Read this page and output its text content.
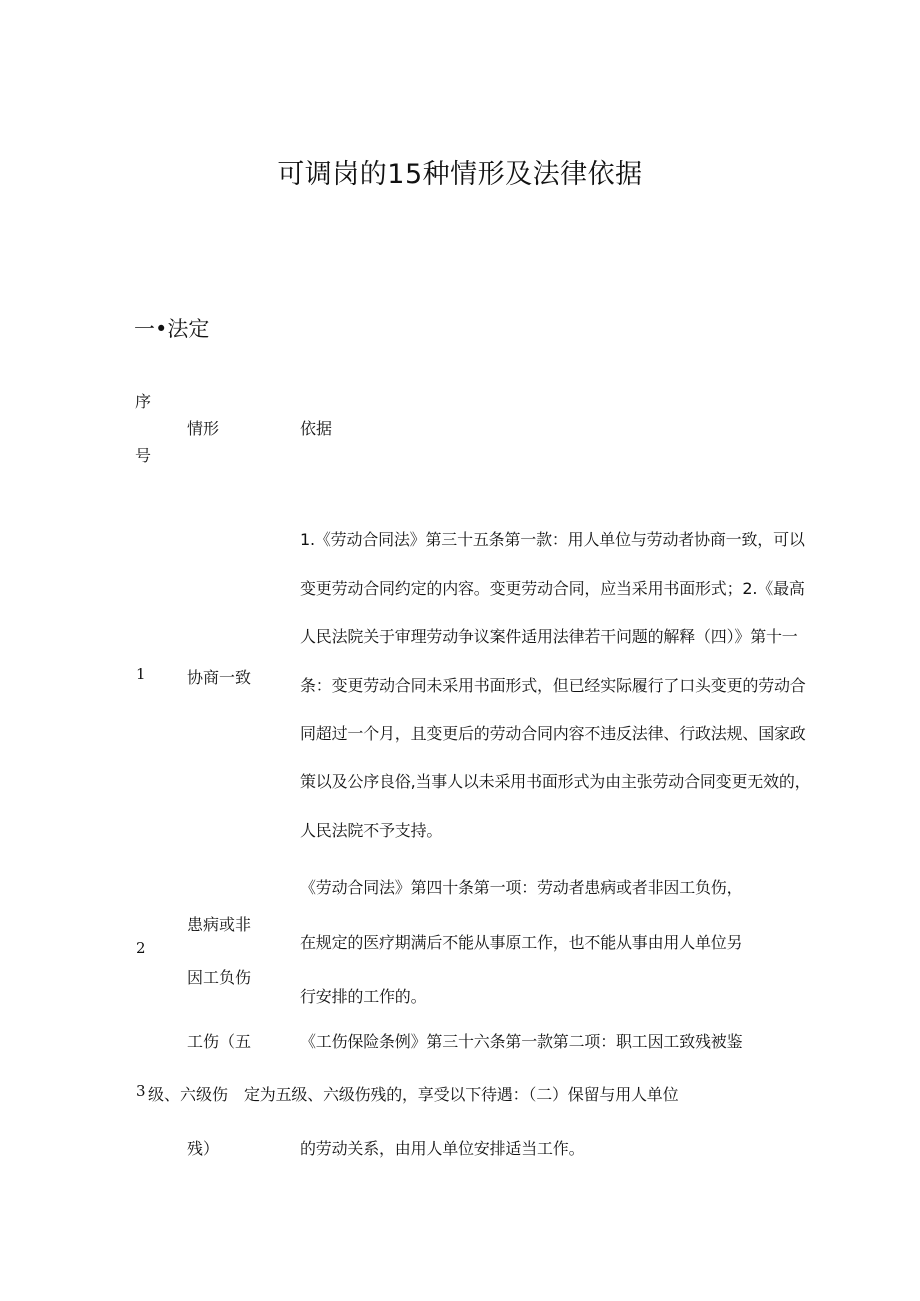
可调岗的15种情形及法律依据
一•法定
序
号
情形	依据
1	协商一致
1.《劳动合同法》第三十五条第一款：用人单位与劳动者协商一致，可以
变更劳动合同约定的内容。变更劳动合同，应当采用书面形式；2.《最高
人民法院关于审理劳动争议案件适用法律若干问题的解释（四）》第十一
条：变更劳动合同未采用书面形式，但已经实际履行了口头变更的劳动合
同超过一个月，且变更后的劳动合同内容不违反法律、行政法规、国家政
策以及公序良俗,当事人以未采用书面形式为由主张劳动合同变更无效的，
人民法院不予支持。
2
患病或非
因工负伤
《劳动合同法》第四十条第一项：劳动者患病或者非因工负伤，
在规定的医疗期满后不能从事原工作，也不能从事由用人单位另
行安排的工作的。
3
工伤（五
级、六级伤
残）
《工伤保险条例》第三十六条第一款第二项：职工因工致残被鉴
定为五级、六级伤残的，享受以下待遇：（二）保留与用人单位
的劳动关系，由用人单位安排适当工作。
